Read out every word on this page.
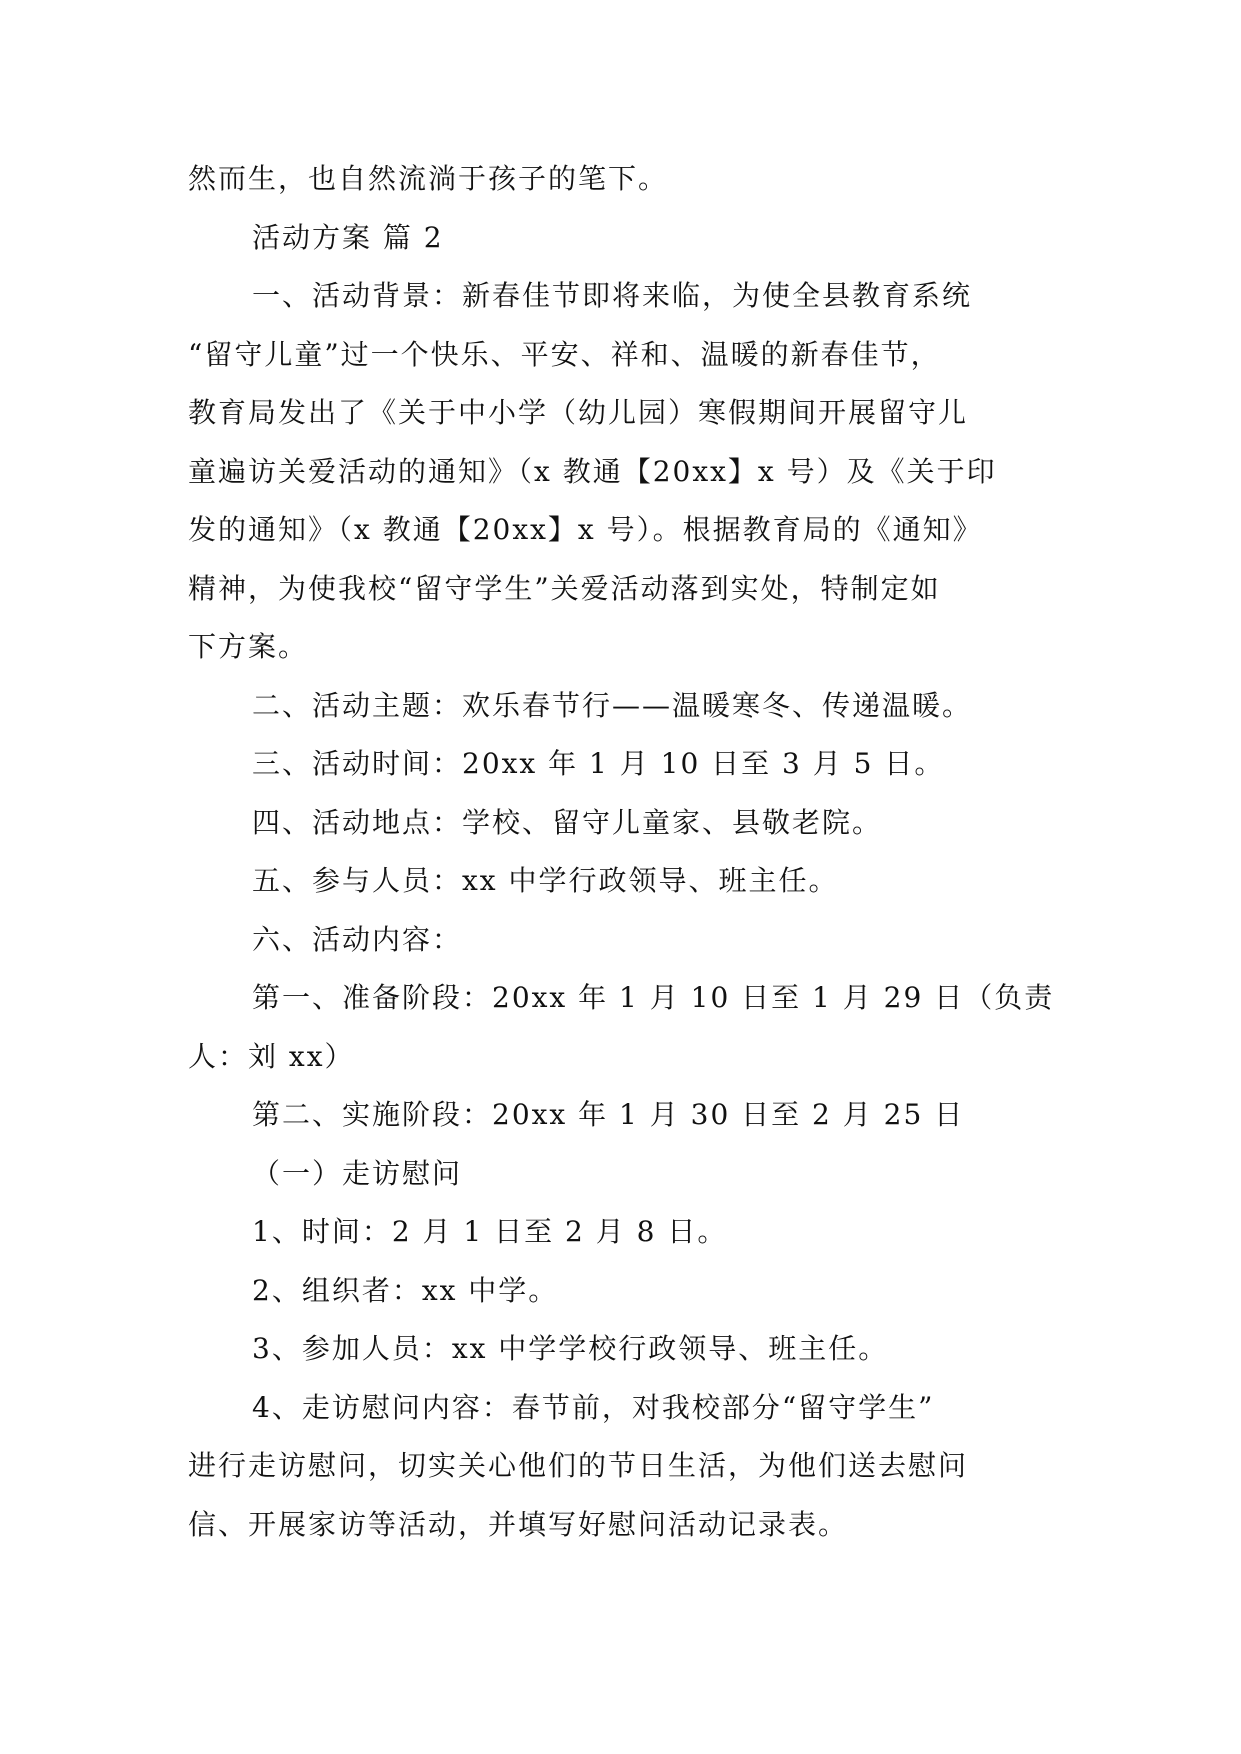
然而生，也自然流淌于孩子的笔下。
活动方案 篇 2
一、活动背景：新春佳节即将来临，为使全县教育系统
“留守儿童”过一个快乐、平安、祥和、温暖的新春佳节，
教育局发出了《关于中小学（幼儿园）寒假期间开展留守儿
童遍访关爱活动的通知》（x 教通【20xx】x 号）及《关于印
发的通知》（x 教通【20xx】x 号）。根据教育局的《通知》
精神，为使我校“留守学生”关爱活动落到实处，特制定如
下方案。
二、活动主题：欢乐春节行——温暖寒冬、传递温暖。
三、活动时间：20xx 年 1 月 10 日至 3 月 5 日。
四、活动地点：学校、留守儿童家、县敬老院。
五、参与人员：xx 中学行政领导、班主任。
六、活动内容：
第一、准备阶段：20xx 年 1 月 10 日至 1 月 29 日（负责
人：刘 xx）
第二、实施阶段：20xx 年 1 月 30 日至 2 月 25 日
（一）走访慰问
1、时间：2 月 1 日至 2 月 8 日。
2、组织者：xx 中学。
3、参加人员：xx 中学学校行政领导、班主任。
4、走访慰问内容：春节前，对我校部分“留守学生”
进行走访慰问，切实关心他们的节日生活，为他们送去慰问
信、开展家访等活动，并填写好慰问活动记录表。
